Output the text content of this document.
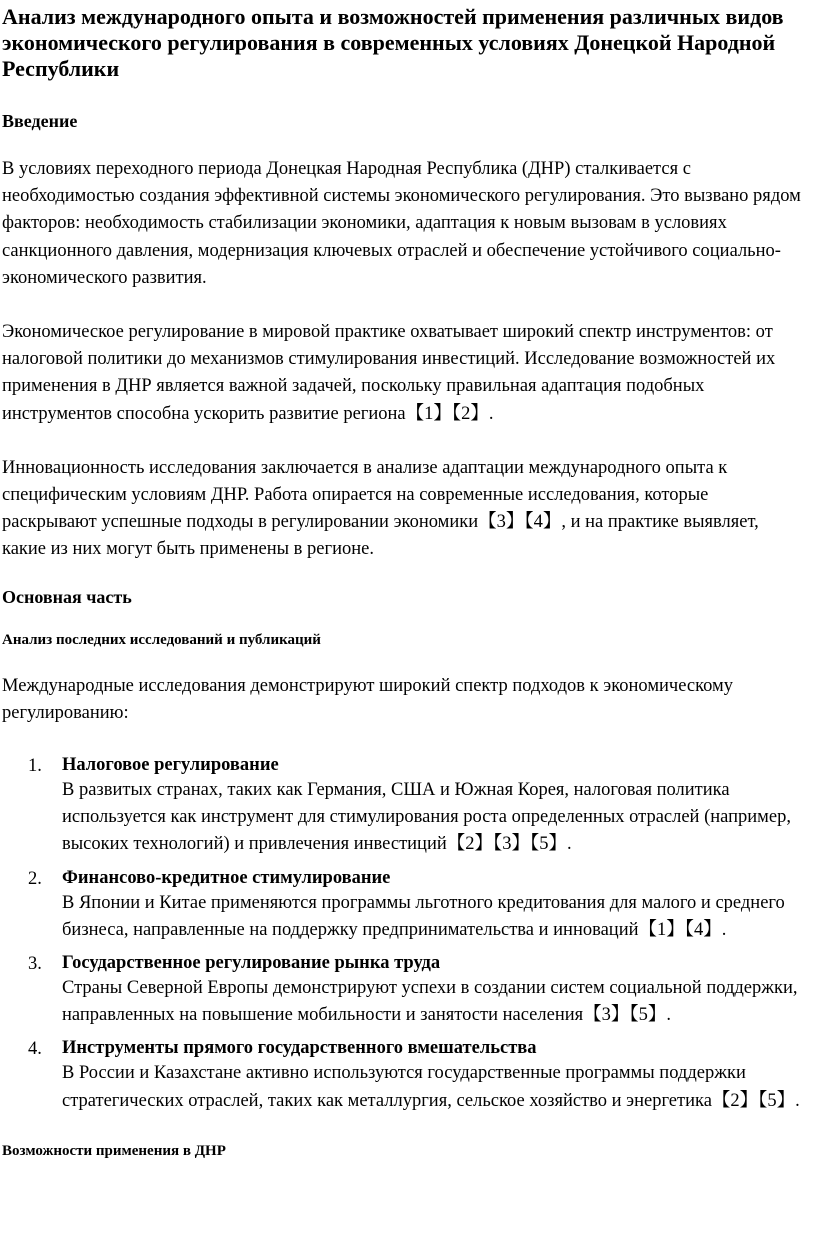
Анализ международного опыта и возможностей применения различных видов экономического регулирования в современных условиях Донецкой Народной Республики
Введение

В условиях переходного периода Донецкая Народная Республика (ДНР) сталкивается с необходимостью создания эффективной системы экономического регулирования. Это вызвано рядом факторов: необходимость стабилизации экономики, адаптация к новым вызовам в условиях санкционного давления, модернизация ключевых отраслей и обеспечение устойчивого социально-экономического развития.

Экономическое регулирование в мировой практике охватывает широкий спектр инструментов: от налоговой политики до механизмов стимулирования инвестиций. Исследование возможностей их применения в ДНР является важной задачей, поскольку правильная адаптация подобных инструментов способна ускорить развитие региона【1】【2】.

Инновационность исследования заключается в анализе адаптации международного опыта к специфическим условиям ДНР. Работа опирается на современные исследования, которые раскрывают успешные подходы в регулировании экономики【3】【4】, и на практике выявляет, какие из них могут быть применены в регионе.

Основная часть
Анализ последних исследований и публикаций

Международные исследования демонстрируют широкий спектр подходов к экономическому регулированию:

1. Налоговое регулирование
В развитых странах, таких как Германия, США и Южная Корея, налоговая политика используется как инструмент для стимулирования роста определенных отраслей (например, высоких технологий) и привлечения инвестиций【2】【3】【5】.
2. Финансово-кредитное стимулирование
В Японии и Китае применяются программы льготного кредитования для малого и среднего бизнеса, направленные на поддержку предпринимательства и инноваций【1】【4】.
3. Государственное регулирование рынка труда
Страны Северной Европы демонстрируют успехи в создании систем социальной поддержки, направленных на повышение мобильности и занятости населения【3】【5】.
4. Инструменты прямого государственного вмешательства
В России и Казахстане активно используются государственные программы поддержки стратегических отраслей, таких как металлургия, сельское хозяйство и энергетика【2】【5】.
Возможности применения в ДНР
